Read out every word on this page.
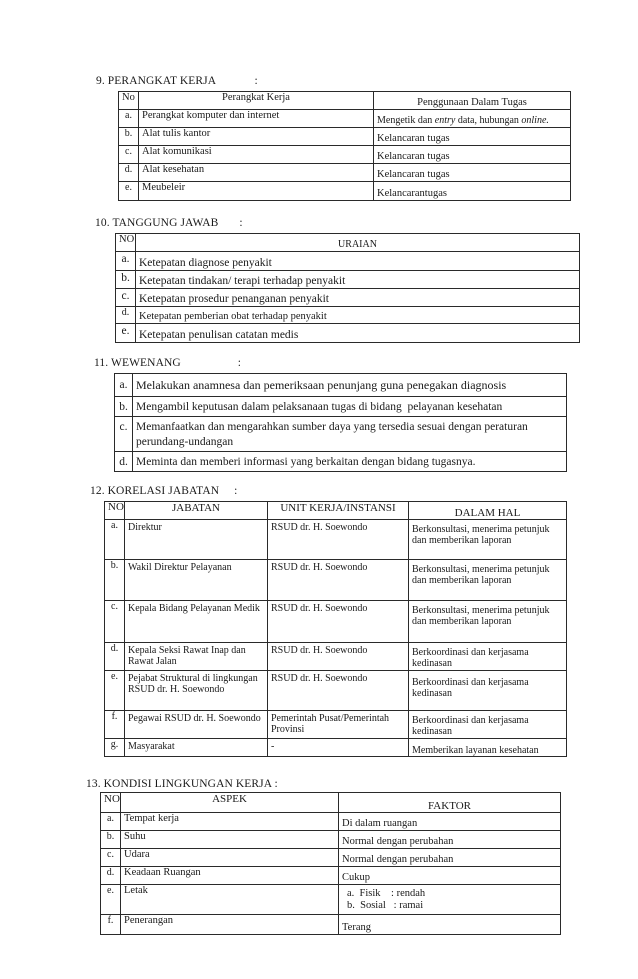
9. PERANGKAT KERJA	:
No	Perangkat Kerja	Penggunaan Dalam Tugas
a.	Perangkat komputer dan internet	Mengetik dan entry data, hubungan online.
b.	Alat tulis kantor	Kelancaran tugas
c.	Alat komunikasi	Kelancaran tugas
d.	Alat kesehatan	Kelancaran tugas
e.	Meubeleir	Kelancarantugas
10. TANGGUNG JAWAB :
NO	URAIAN
a.	Ketepatan diagnose penyakit
b.	Ketepatan tindakan/ terapi terhadap penyakit
c.	Ketepatan prosedur penanganan penyakit
d.	Ketepatan pemberian obat terhadap penyakit
e.	Ketepatan penulisan catatan medis
11. WEWENANG	:
a.	Melakukan anamnesa dan pemeriksaan penunjang guna penegakan diagnosis
b.	Mengambil keputusan dalam pelaksanaan tugas di bidang  pelayanan kesehatan
c.	Memanfaatkan dan mengarahkan sumber daya yang tersedia sesuai dengan peraturan perundang-undangan
d.	Meminta dan memberi informasi yang berkaitan dengan bidang tugasnya.
12. KORELASI JABATAN :
NO	JABATAN	UNIT KERJA/INSTANSI	DALAM HAL
a.	Direktur	RSUD dr. H. Soewondo	Berkonsultasi, menerima petunjuk dan memberikan laporan
b.	Wakil Direktur Pelayanan	RSUD dr. H. Soewondo	Berkonsultasi, menerima petunjuk dan memberikan laporan
c.	Kepala Bidang Pelayanan Medik	RSUD dr. H. Soewondo	Berkonsultasi, menerima petunjuk dan memberikan laporan
d.	Kepala Seksi Rawat Inap dan Rawat Jalan	RSUD dr. H. Soewondo	Berkoordinasi dan kerjasama kedinasan
e.	Pejabat Struktural di lingkungan RSUD dr. H. Soewondo	RSUD dr. H. Soewondo	Berkoordinasi dan kerjasama kedinasan
f.	Pegawai RSUD dr. H. Soewondo	Pemerintah Pusat/Pemerintah Provinsi	Berkoordinasi dan kerjasama kedinasan
g.	Masyarakat	-	Memberikan layanan kesehatan
13. KONDISI LINGKUNGAN KERJA :
NO	ASPEK	FAKTOR
a.	Tempat kerja	Di dalam ruangan
b.	Suhu	Normal dengan perubahan
c.	Udara	Normal dengan perubahan
d.	Keadaan Ruangan	Cukup
e.	Letak	a.  Fisik    : rendah
b.  Sosial   : ramai

f.	Penerangan	Terang
